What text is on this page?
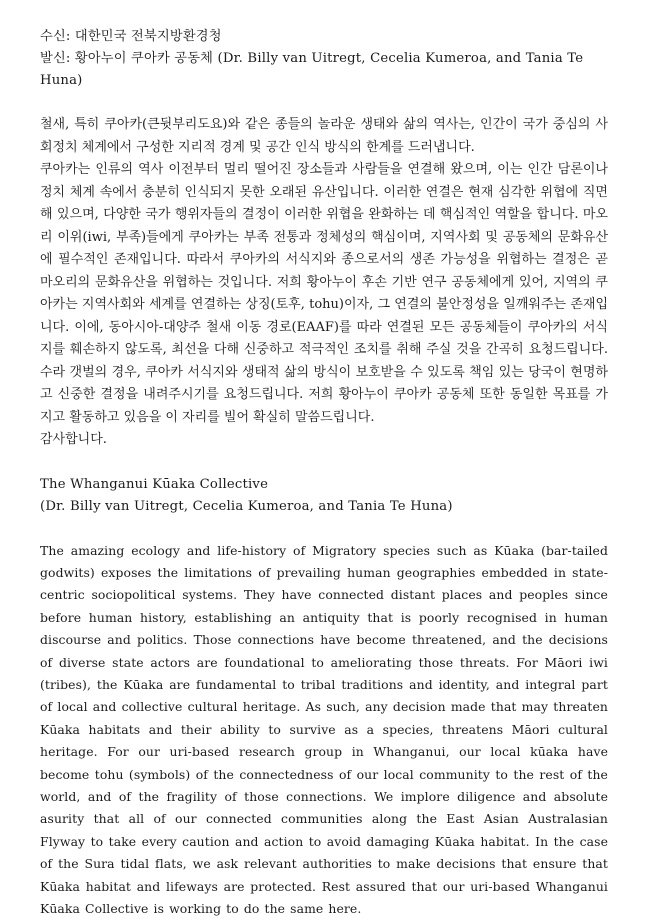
수신: 대한민국 전북지방환경청

발신: 황아누이 쿠아카 공동체 (Dr. Billy van Uitregt, Cecelia Kumeroa, and Tania Te Huna)

철새, 특히 쿠아카(큰뒷부리도요)와 같은 종들의 놀라운 생태와 삶의 역사는, 인간이 국가 중심의 사회정치 체계에서 구성한 지리적 경계 및 공간 인식 방식의 한계를 드러냅니다.

쿠아카는 인류의 역사 이전부터 멀리 떨어진 장소들과 사람들을 연결해 왔으며, 이는 인간 담론이나 정치 체계 속에서 충분히 인식되지 못한 오래된 유산입니다. 이러한 연결은 현재 심각한 위협에 직면해 있으며, 다양한 국가 행위자들의 결정이 이러한 위협을 완화하는 데 핵심적인 역할을 합니다. 마오리 이위(iwi, 부족)들에게 쿠아카는 부족 전통과 정체성의 핵심이며, 지역사회 및 공동체의 문화유산에 필수적인 존재입니다. 따라서 쿠아카의 서식지와 종으로서의 생존 가능성을 위협하는 결정은 곧 마오리의 문화유산을 위협하는 것입니다. 저희 황아누이 후손 기반 연구 공동체에게 있어, 지역의 쿠아카는 지역사회와 세계를 연결하는 상징(토후, tohu)이자, 그 연결의 불안정성을 일깨워주는 존재입니다. 이에, 동아시아-대양주 철새 이동 경로(EAAF)를 따라 연결된 모든 공동체들이 쿠아카의 서식지를 훼손하지 않도록, 최선을 다해 신중하고 적극적인 조치를 취해 주실 것을 간곡히 요청드립니다. 수라 갯벌의 경우, 쿠아카 서식지와 생태적 삶의 방식이 보호받을 수 있도록 책임 있는 당국이 현명하고 신중한 결정을 내려주시기를 요청드립니다. 저희 황아누이 쿠아카 공동체 또한 동일한 목표를 가지고 활동하고 있음을 이 자리를 빌어 확실히 말씀드립니다.

감사합니다.

The Whanganui Kūaka Collective

(Dr. Billy van Uitregt, Cecelia Kumeroa, and Tania Te Huna)

The amazing ecology and life-history of Migratory species such as Kūaka (bar-tailed godwits) exposes the limitations of prevailing human geographies embedded in state-centric sociopolitical systems. They have connected distant places and peoples since before human history, establishing an antiquity that is poorly recognised in human discourse and politics. Those connections have become threatened, and the decisions of diverse state actors are foundational to ameliorating those threats. For Māori iwi (tribes), the Kūaka are fundamental to tribal traditions and identity, and integral part of local and collective cultural heritage. As such, any decision made that may threaten Kūaka habitats and their ability to survive as a species, threatens Māori cultural heritage. For our uri-based research group in Whanganui, our local kūaka have become tohu (symbols) of the connectedness of our local community to the rest of the world, and of the fragility of those connections. We implore diligence and absolute asurity that all of our connected communities along the East Asian Australasian Flyway to take every caution and action to avoid damaging Kūaka habitat. In the case of the Sura tidal flats, we ask relevant authorities to make decisions that ensure that Kūaka habitat and lifeways are protected. Rest assured that our uri-based Whanganui Kūaka Collective is working to do the same here.
